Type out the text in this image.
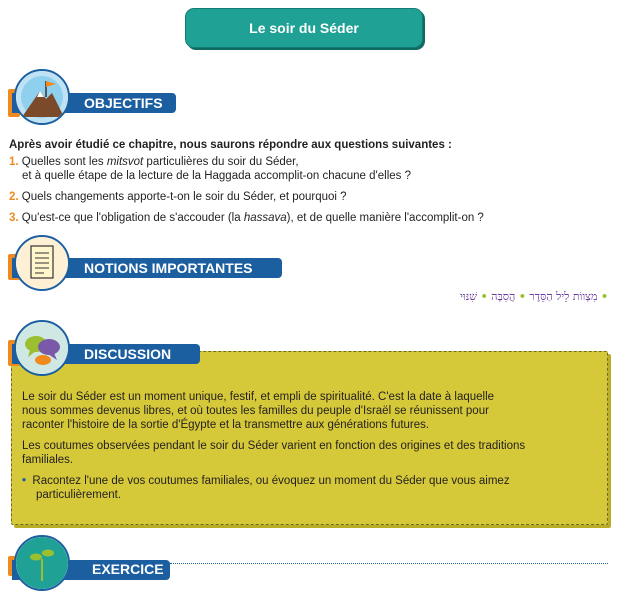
Le soir du Séder
OBJECTIFS
Après avoir étudié ce chapitre, nous saurons répondre aux questions suivantes :
1. Quelles sont les mitsvot particulières du soir du Séder,
et à quelle étape de la lecture de la Haggada accomplit-on chacune d'elles ?
2. Quels changements apporte-t-on le soir du Séder, et pourquoi ?
3. Qu'est-ce que l'obligation de s'accouder (la hassava), et de quelle manière l'accomplit-on ?
NOTIONS IMPORTANTES
• מִצְווֹת לֵיל הַסֵּדֶר • הֲסִבָּה • שִׁנּוּי
DISCUSSION
Le soir du Séder est un moment unique, festif, et empli de spiritualité. C'est la date à laquelle
nous sommes devenus libres, et où toutes les familles du peuple d'Israël se réunissent pour
raconter l'histoire de la sortie d'Égypte et la transmettre aux générations futures.
Les coutumes observées pendant le soir du Séder varient en fonction des origines et des traditions
familiales.
• Racontez l'une de vos coutumes familiales, ou évoquez un moment du Séder que vous aimez
particulièrement.
EXERCICE 1
